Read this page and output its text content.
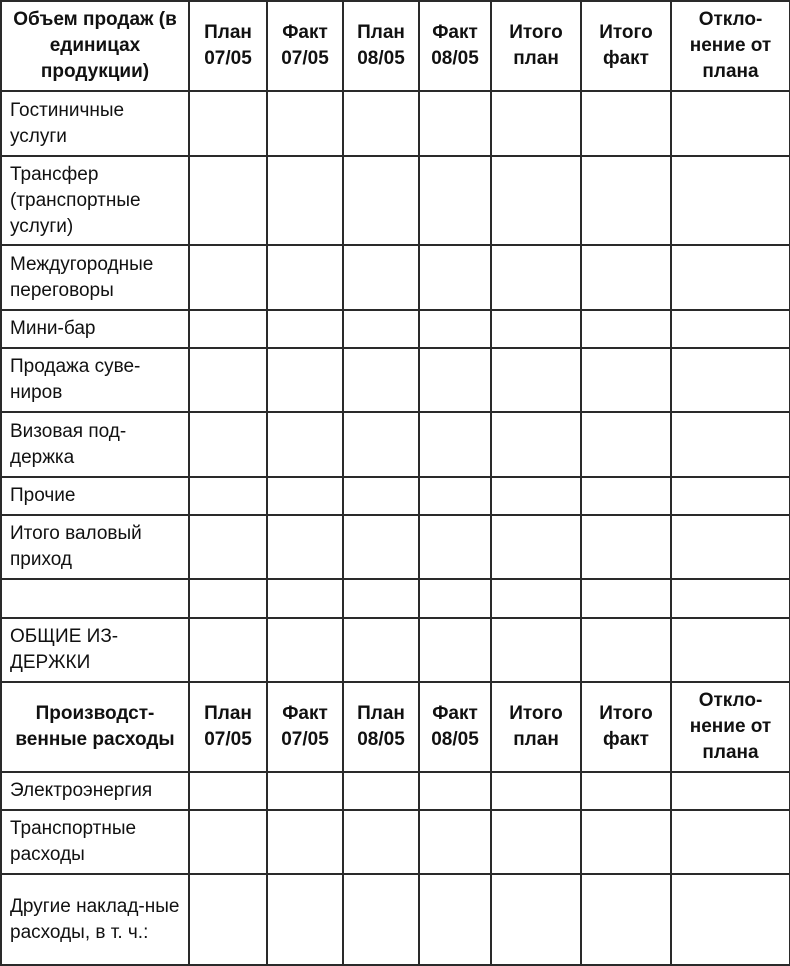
Объем продаж (в единицах продукции)	План 07/05	Факт 07/05	План 08/05	Факт 08/05	Итого план	Итого факт	Откло-нение от плана
Гостиничные услуги							
Трансфер (транспортные услуги)							
Междугородные переговоры							
Мини-бар							
Продажа суве-ниров							
Визовая под-держка							
Прочие							
Итого валовый приход							

ОБЩИЕ ИЗ-ДЕРЖКИ							
Производст-венные расходы	План 07/05	Факт 07/05	План 08/05	Факт 08/05	Итого план	Итого факт	Откло-нение от плана
Электроэнергия							
Транспортные расходы							
Другие наклад-ные расходы, в т. ч.:							
